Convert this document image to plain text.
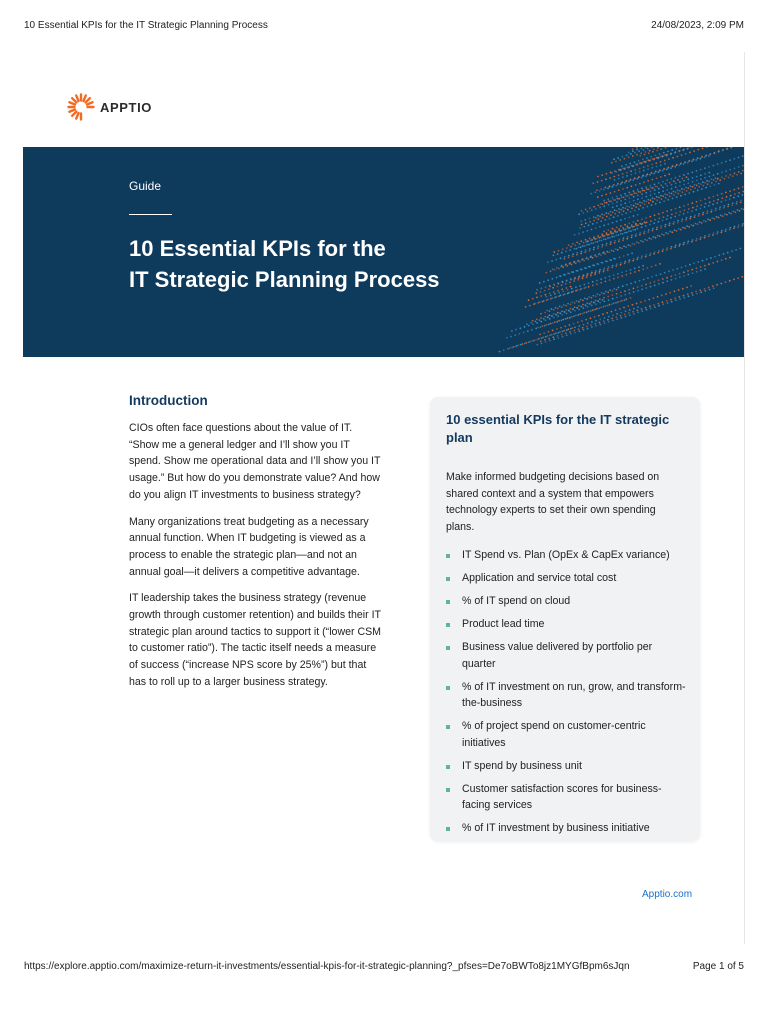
10 Essential KPIs for the IT Strategic Planning Process	24/08/2023, 2:09 PM
APPTIO
Guide
10 Essential KPIs for the
IT Strategic Planning Process
Introduction

CIOs often face questions about the value of IT. “Show me a general ledger and I’ll show you IT spend. Show me operational data and I’ll show you IT usage.” But how do you demonstrate value? And how do you align IT investments to business strategy?

Many organizations treat budgeting as a necessary annual function. When IT budgeting is viewed as a process to enable the strategic plan—and not an annual goal—it delivers a competitive advantage.

IT leadership takes the business strategy (revenue growth through customer retention) and builds their IT strategic plan around tactics to support it (“lower CSM to customer ratio”). The tactic itself needs a measure of success (“increase NPS score by 25%”) but that has to roll up to a larger business strategy.

10 essential KPIs for the IT strategic plan
Make informed budgeting decisions based on shared context and a system that empowers technology experts to set their own spending plans.
IT Spend vs. Plan (OpEx & CapEx variance)
Application and service total cost
% of IT spend on cloud
Product lead time
Business value delivered by portfolio per quarter
% of IT investment on run, grow, and transform-the-business
% of project spend on customer-centric initiatives
IT spend by business unit
Customer satisfaction scores for business-facing services
% of IT investment by business initiative
Apptio.com
https://explore.apptio.com/maximize-return-it-investments/essential-kpis-for-it-strategic-planning?_pfses=De7oBWTo8jz1MYGfBpm6sJqn	Page 1 of 5
